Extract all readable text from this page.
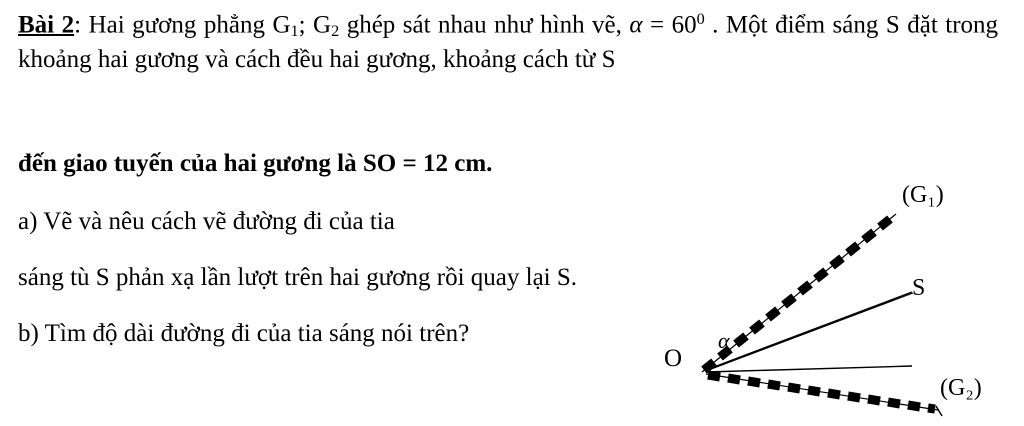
Bài 2: Hai gương phẳng $G_1$; $G_2$ ghép sát nhau như hình vẽ, $\alpha = 60^0$ . Một điểm sáng S đặt trong khoảng hai gương và cách đều hai gương, khoảng cách từ S

đến giao tuyến của hai gương là SO = 12 cm.
a) Vẽ và nêu cách vẽ đường đi của tia
sáng tù S phản xạ lần lượt trên hai gương rồi quay lại S.
b) Tìm độ dài đường đi của tia sáng nói trên?
(G₁)
(G₂)
S
O
α
